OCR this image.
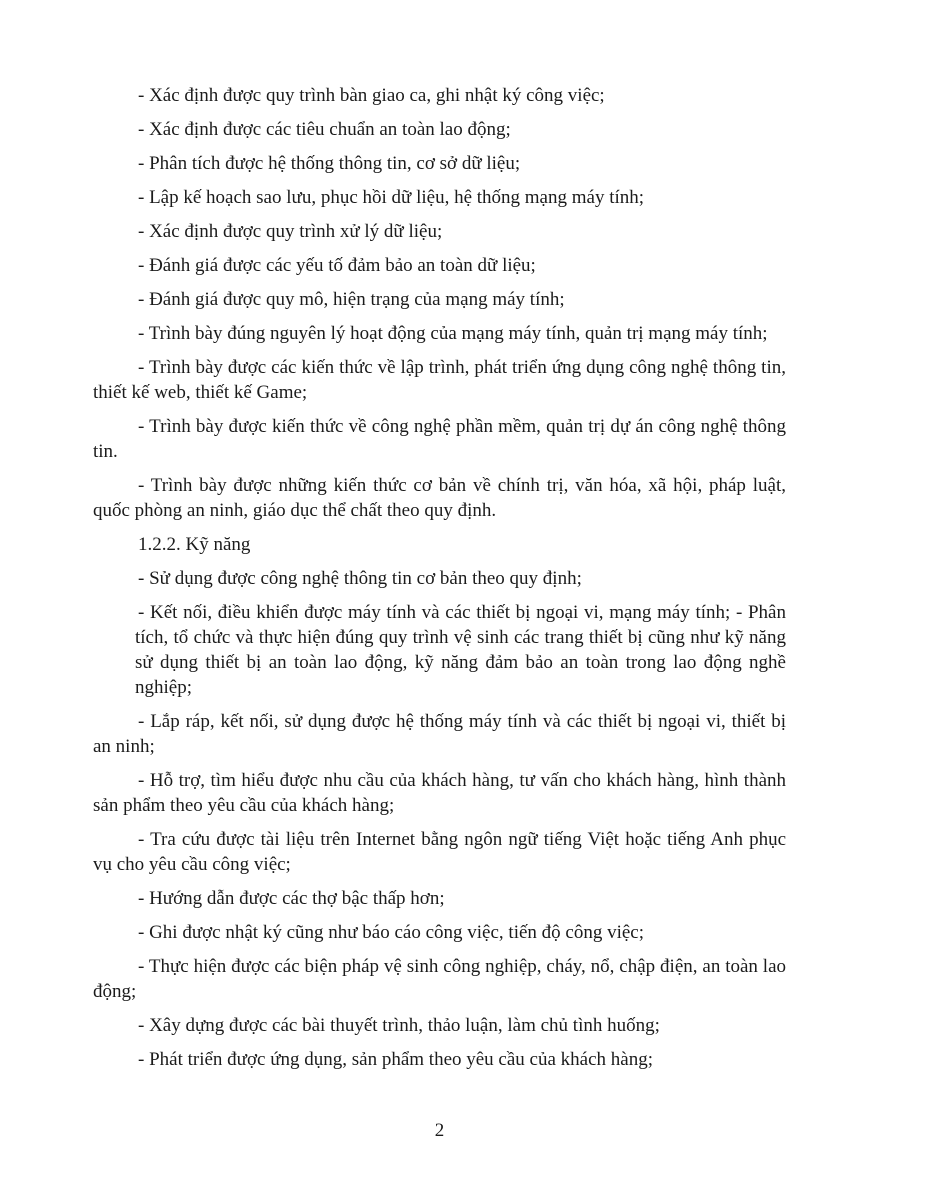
- Xác định được quy trình bàn giao ca, ghi nhật ký công việc;

- Xác định được các tiêu chuẩn an toàn lao động;

- Phân tích được hệ thống thông tin, cơ sở dữ liệu;

- Lập kế hoạch sao lưu, phục hồi dữ liệu, hệ thống mạng máy tính;

- Xác định được quy trình xử lý dữ liệu;

- Đánh giá được các yếu tố đảm bảo an toàn dữ liệu;

- Đánh giá được quy mô, hiện trạng của mạng máy tính;

- Trình bày đúng nguyên lý hoạt động của mạng máy tính, quản trị mạng máy tính;

- Trình bày được các kiến thức về lập trình, phát triển ứng dụng công nghệ thông tin, thiết kế web, thiết kế Game;

- Trình bày được kiến thức về công nghệ phần mềm, quản trị dự án công nghệ thông tin.

- Trình bày được những kiến thức cơ bản về chính trị, văn hóa, xã hội, pháp luật, quốc phòng an ninh, giáo dục thể chất theo quy định.

1.2.2. Kỹ năng

- Sử dụng được công nghệ thông tin cơ bản theo quy định;

- Kết nối, điều khiển được máy tính và các thiết bị ngoại vi, mạng máy tính; - Phân tích, tổ chức và thực hiện đúng quy trình vệ sinh các trang thiết bị cũng như kỹ năng sử dụng thiết bị an toàn lao động, kỹ năng đảm bảo an toàn trong lao động nghề nghiệp;

- Lắp ráp, kết nối, sử dụng được hệ thống máy tính và các thiết bị ngoại vi, thiết bị an ninh;

- Hỗ trợ, tìm hiểu được nhu cầu của khách hàng, tư vấn cho khách hàng, hình thành sản phẩm theo yêu cầu của khách hàng;

- Tra cứu được tài liệu trên Internet bằng ngôn ngữ tiếng Việt hoặc tiếng Anh phục vụ cho yêu cầu công việc;

- Hướng dẫn được các thợ bậc thấp hơn;

- Ghi được nhật ký cũng như báo cáo công việc, tiến độ công việc;

- Thực hiện được các biện pháp vệ sinh công nghiệp, cháy, nổ, chập điện, an toàn lao động;

- Xây dựng được các bài thuyết trình, thảo luận, làm chủ tình huống;

- Phát triển được ứng dụng, sản phẩm theo yêu cầu của khách hàng;

2
